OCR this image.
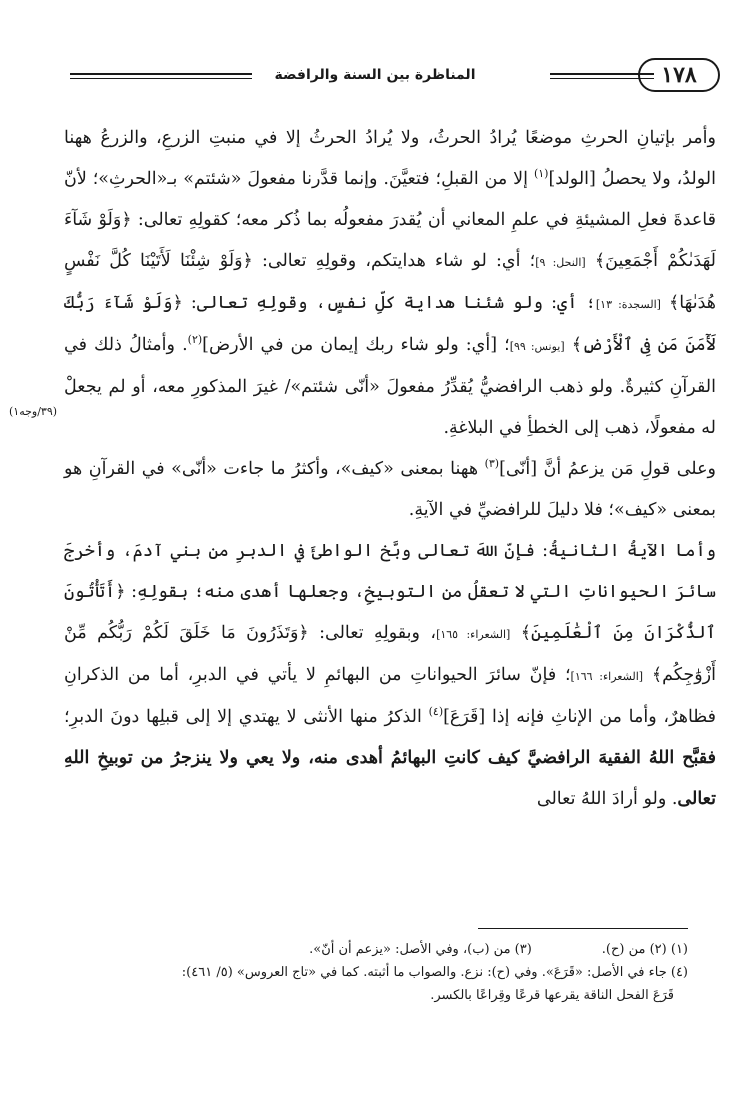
١٧٨
المناظرة بين السنة والرافضة
(٣٩/وجه١)

وأمر بإتيانِ الحرثِ موضعًا يُرادُ الحرثُ، ولا يُرادُ الحرثُ إلا في منبتِ الزرعِ، والزرعُ ههنا الولدُ، ولا يحصلُ [الولد]$^{(١)}$ إلا من القبلِ؛ فتعيَّنَ. وإنما قدَّرنا مفعولَ «شئتم» بـ«الحرثِ»؛ لأنّ قاعدةَ فعلِ المشيئةِ في علمِ المعاني أن يُقدرَ مفعولُه بما ذُكر معه؛ كقولِهِ تعالى: ﴿وَلَوْ شَآءَ لَهَدَىٰكُمْ أَجْمَعِينَ﴾ [النحل: ٩]؛ أي: لو شاء هدايتكم، وقولِهِ تعالى: ﴿وَلَوْ شِئْنَا لَأَتَيْنَا كُلَّ نَفْسٍ هُدَىٰهَا﴾ [السجدة: ١٣]؛ أي: ولو شئنا هداية كلِّ نفسٍ، وقولِهِ تعالى: ﴿وَلَوْ شَآءَ رَبُّكَ لَأٓمَنَ مَن فِى ٱلْأَرْضِ﴾ [يونس: ٩٩]؛ [أي: ولو شاء ربك إيمان من في الأرض]$^{(٢)}$. وأمثالُ ذلك في القرآنِ كثيرةٌ. ولو ذهب الرافضيُّ يُقدِّرُ مفعولَ «أنّى شئتم»/ غيرَ المذكورِ معه، أو لم يجعلْ له مفعولًا، ذهب إلى الخطأِ في البلاغةِ.

وعلى قولِ مَن يزعمُ أنَّ [أنّى]$^{(٣)}$ ههنا بمعنى «كيف»، وأكثرُ ما جاءت «أنّى» في القرآنِ هو بمعنى «كيف»؛ فلا دليلَ للرافضيِّ في الآيةِ.

وأما الآيةُ الثانيةُ: فإنّ اللهَ تعالى وبَّخ الواطئَ في الدبرِ من بني آدمَ، وأخرجَ سائرَ الحيواناتِ التي لا تعقلُ من التوبيخِ، وجعلها أهدى منه؛ بقولِهِ: ﴿أَتَأْتُونَ ٱلذُّكْرَانَ مِنَ ٱلْعَٰلَمِينَ﴾ [الشعراء: ١٦٥]، وبقولِهِ تعالى: ﴿وَتَذَرُونَ مَا خَلَقَ لَكُمْ رَبُّكُم مِّنْ أَزْوَٰجِكُم﴾ [الشعراء: ١٦٦]؛ فإنّ سائرَ الحيواناتِ من البهائمِ لا يأتي في الدبرِ، أما من الذكرانِ فظاهرٌ، وأما من الإناثِ فإنه إذا [قَرَعَ]$^{(٤)}$ الذكرُ منها الأنثى لا يهتدي إلا إلى قبلِها دونَ الدبرِ؛ فقبَّح اللهُ الفقيهَ الرافضيَّ كيف كانتِ البهائمُ أهدى منه، ولا يعي ولا ينزجرُ من توبيخِ اللهِ تعالى. ولو أرادَ اللهُ تعالى

(١) (٢) من (ح).
(٣) من (ب)، وفي الأصل: «يزعم أن أنّ».
(٤) جاء في الأصل: «قَرَعَ». وفي (ح): نزع. والصواب ما أثبته. كما في «تاج العروس» (٥/ ٤٦١):
قَرَعَ الفحل الناقة يقرعها قرعًا وقِراعًا بالكسر.
